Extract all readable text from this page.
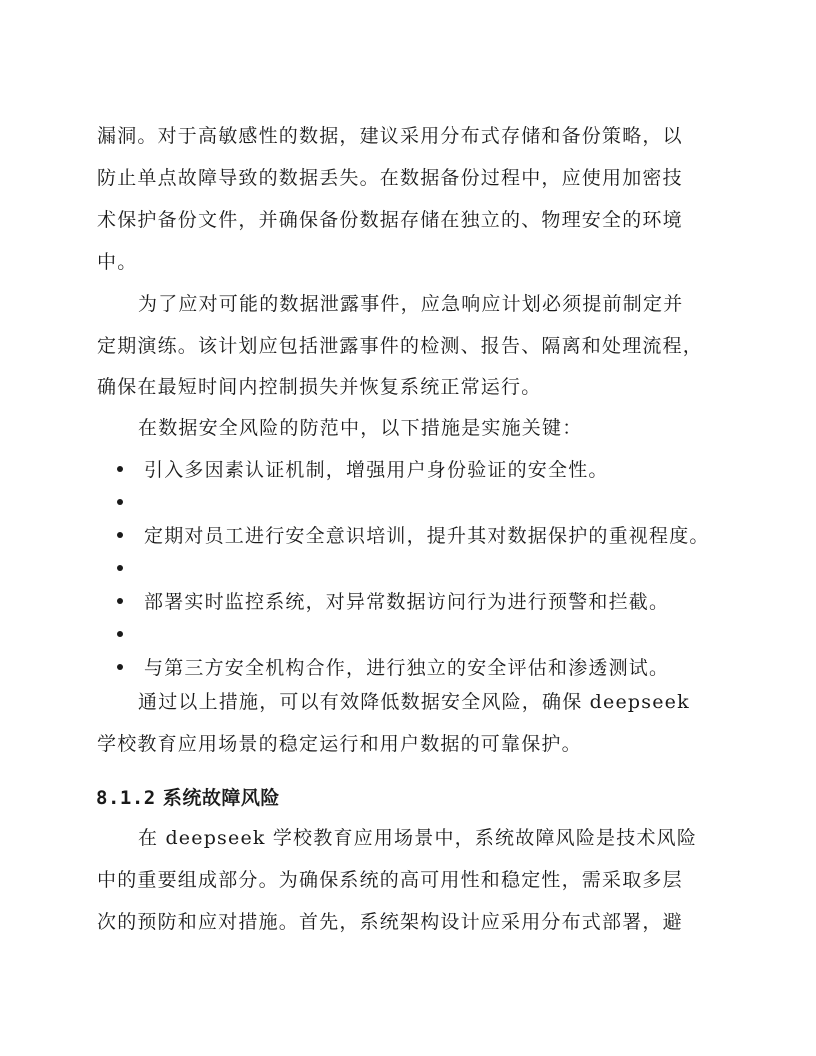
漏洞。对于高敏感性的数据，建议采用分布式存储和备份策略，以

防止单点故障导致的数据丢失。在数据备份过程中，应使用加密技

术保护备份文件，并确保备份数据存储在独立的、物理安全的环境

中。

为了应对可能的数据泄露事件，应急响应计划必须提前制定并

定期演练。该计划应包括泄露事件的检测、报告、隔离和处理流程，

确保在最短时间内控制损失并恢复系统正常运行。

在数据安全风险的防范中，以下措施是实施关键：

引入多因素认证机制，增强用户身份验证的安全性。

定期对员工进行安全意识培训，提升其对数据保护的重视程度。

部署实时监控系统，对异常数据访问行为进行预警和拦截。

与第三方安全机构合作，进行独立的安全评估和渗透测试。

通过以上措施，可以有效降低数据安全风险，确保 deepseek

学校教育应用场景的稳定运行和用户数据的可靠保护。

8.1.2 系统故障风险

在 deepseek 学校教育应用场景中，系统故障风险是技术风险

中的重要组成部分。为确保系统的高可用性和稳定性，需采取多层

次的预防和应对措施。首先，系统架构设计应采用分布式部署，避
